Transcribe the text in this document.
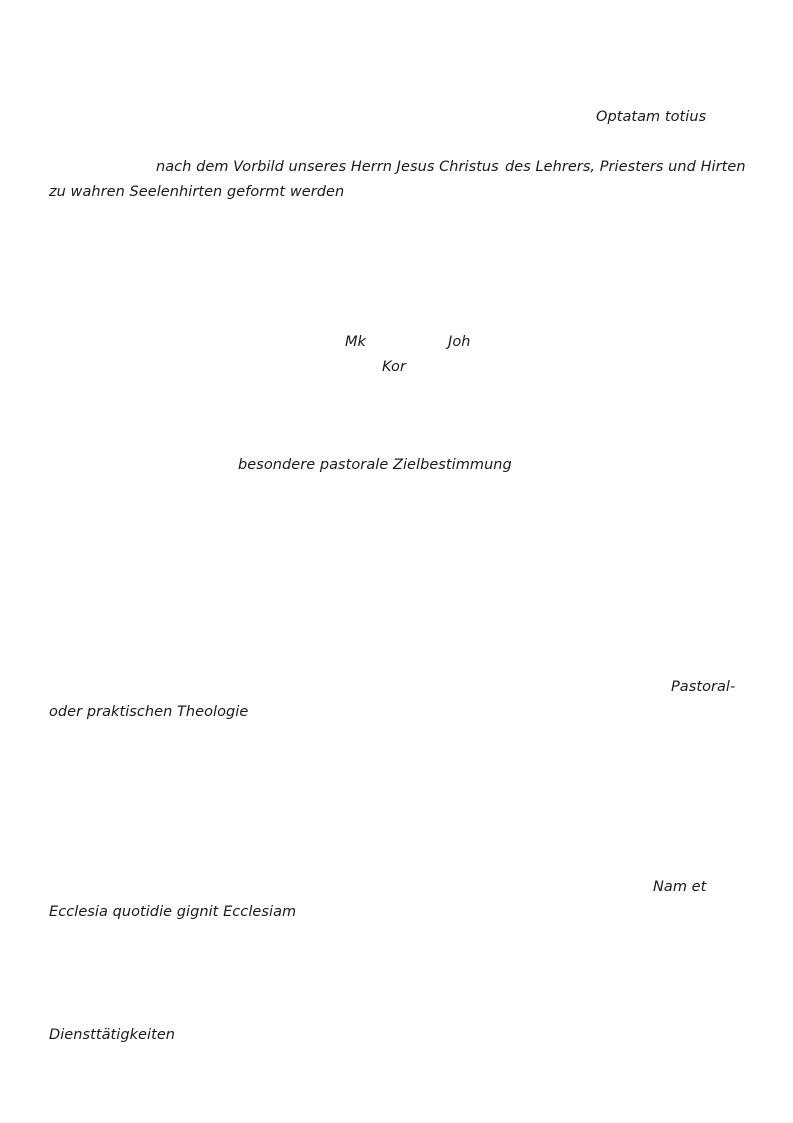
Optatam totius
nach dem Vorbild unseres Herrn Jesus Christus des Lehrers, Priesters und Hirten
zu wahren Seelenhirten geformt werden
Mk	Joh
Kor
besondere pastorale Zielbestimmung
Pastoral-
oder praktischen Theologie
Nam et
Ecclesia quotidie gignit Ecclesiam
Diensttätigkeiten
